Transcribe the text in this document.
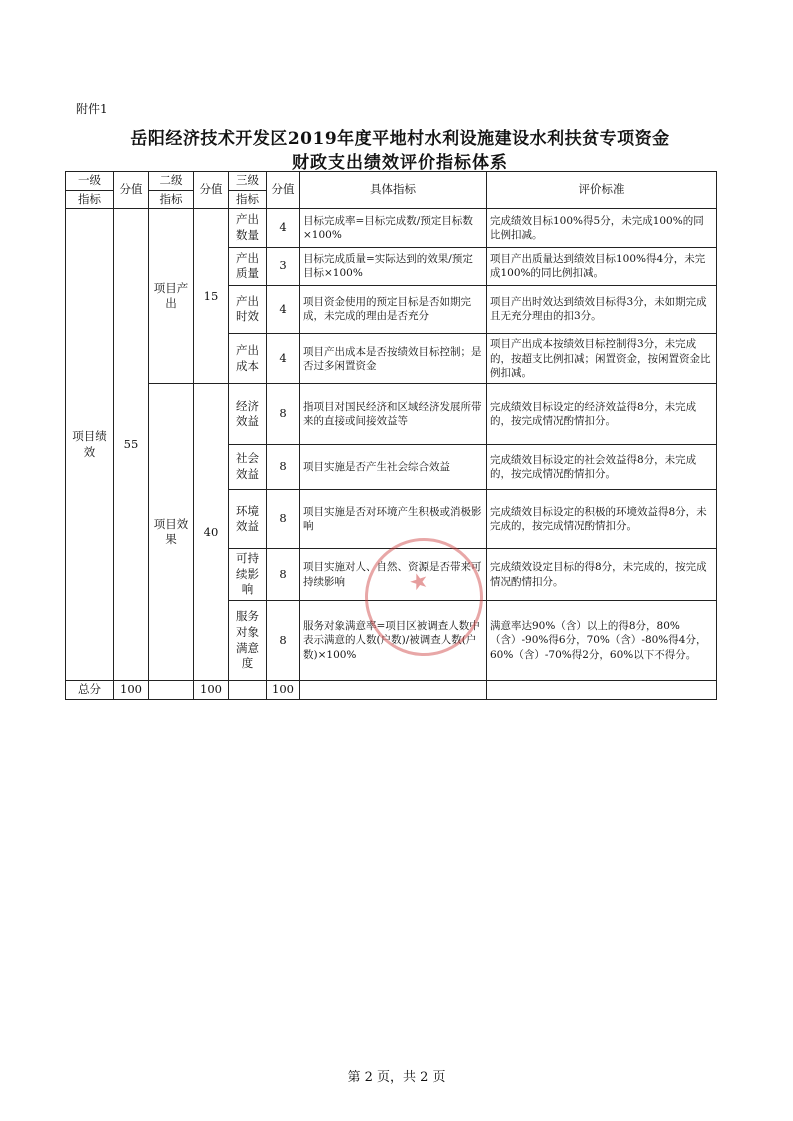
附件1
岳阳经济技术开发区2019年度平地村水利设施建设水利扶贫专项资金
财政支出绩效评价指标体系
一级	分值	二级	分值	三级	分值	具体指标	评价标准
指标		指标		指标			
项目绩效	55	项目产出	15	产出数量	4	目标完成率=目标完成数/预定目标数×100%	完成绩效目标100%得5分，未完成100%的同比例扣减。
				产出质量	3	目标完成质量=实际达到的效果/预定目标×100%	项目产出质量达到绩效目标100%得4分，未完成100%的同比例扣减。
				产出时效	4	项目资金使用的预定目标是否如期完成，未完成的理由是否充分	项目产出时效达到绩效目标得3分，未如期完成且无充分理由的扣3分。
				产出成本	4	项目产出成本是否按绩效目标控制；是否过多闲置资金	项目产出成本按绩效目标控制得3分，未完成的，按超支比例扣减；闲置资金，按闲置资金比例扣减。
		项目效果	40	经济效益	8	指项目对国民经济和区域经济发展所带来的直接或间接效益等	完成绩效目标设定的经济效益得8分，未完成的，按完成情况酌情扣分。
				社会效益	8	项目实施是否产生社会综合效益	完成绩效目标设定的社会效益得8分，未完成的，按完成情况酌情扣分。
				环境效益	8	项目实施是否对环境产生积极或消极影响	完成绩效目标设定的积极的环境效益得8分，未完成的，按完成情况酌情扣分。
				可持续影响	8	项目实施对人、自然、资源是否带来可持续影响	完成绩效设定目标的得8分，未完成的，按完成情况酌情扣分。
				服务对象满意度	8	服务对象满意率=项目区被调查人数中表示满意的人数(户数)/被调查人数(户数)×100%	满意率达90%（含）以上的得8分，80%（含）-90%得6分，70%（含）-80%得4分，60%（含）-70%得2分，60%以下不得分。
总分	100		100		100		
★
第 2 页，共 2 页
